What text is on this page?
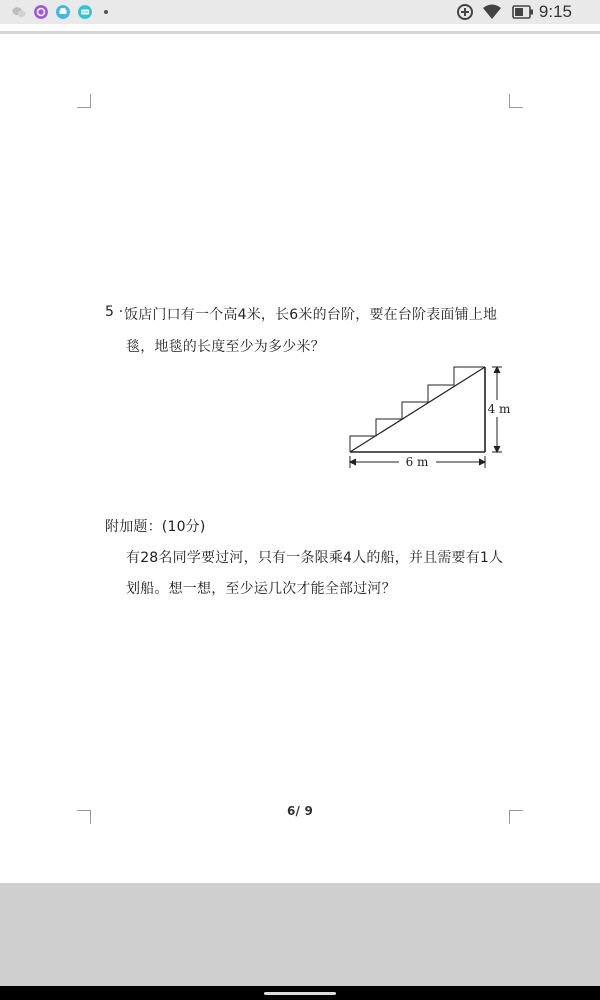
9:15
5 · 饭店门口有一个高4米，长6米的台阶，要在台阶表面铺上地
毯，地毯的长度至少为多少米？
4 m
6 m
附加题：(10分)
有28名同学要过河，只有一条限乘4人的船，并且需要有1人
划船。想一想，至少运几次才能全部过河？
6/ 9
